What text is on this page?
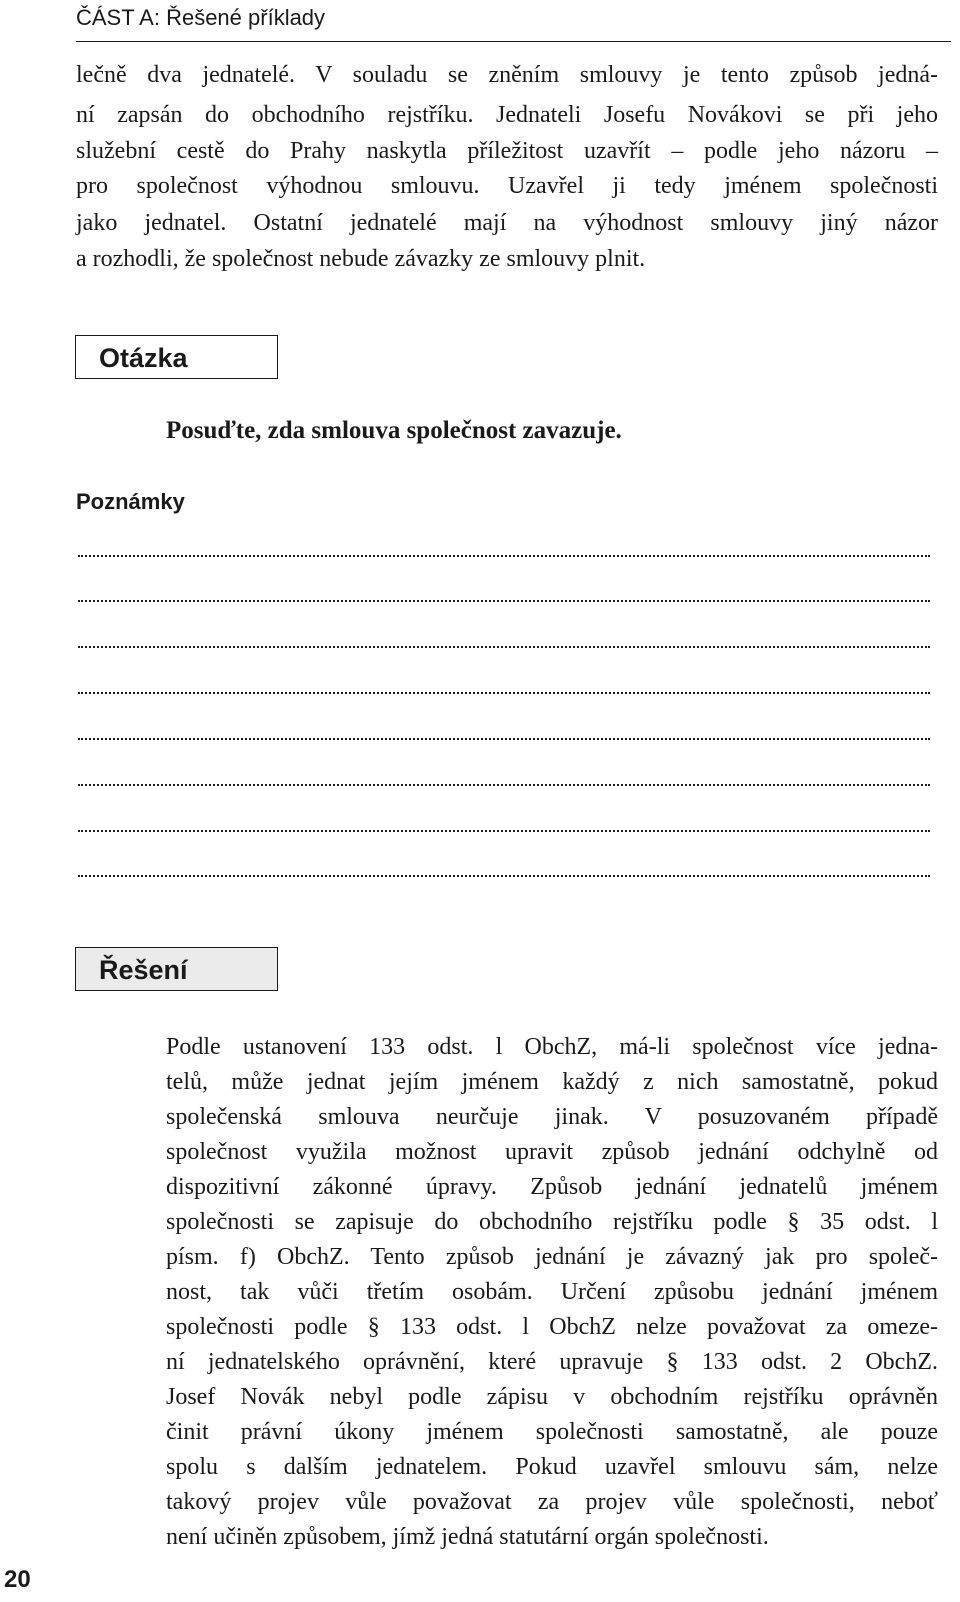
ČÁST A: Řešené příklady
lečně dva jednatelé. V souladu se zněním smlouvy je tento způsob jedná-
ní zapsán do obchodního rejstříku. Jednateli Josefu Novákovi se při jeho
služební cestě do Prahy naskytla příležitost uzavřít – podle jeho názoru –
pro společnost výhodnou smlouvu. Uzavřel ji tedy jménem společnosti
jako jednatel. Ostatní jednatelé mají na výhodnost smlouvy jiný názor
a rozhodli, že společnost nebude závazky ze smlouvy plnit.
Otázka
Posuďte, zda smlouva společnost zavazuje.
Poznámky
Řešení
Podle ustanovení 133 odst. l ObchZ, má-li společnost více jedna-
telů, může jednat jejím jménem každý z nich samostatně, pokud
společenská smlouva neurčuje jinak. V posuzovaném případě
společnost využila možnost upravit způsob jednání odchylně od
dispozitivní zákonné úpravy. Způsob jednání jednatelů jménem
společnosti se zapisuje do obchodního rejstříku podle § 35 odst. l
písm. f) ObchZ. Tento způsob jednání je závazný jak pro společ-
nost, tak vůči třetím osobám. Určení způsobu jednání jménem
společnosti podle § 133 odst. l ObchZ nelze považovat za omeze-
ní jednatelského oprávnění, které upravuje § 133 odst. 2 ObchZ.
Josef Novák nebyl podle zápisu v obchodním rejstříku oprávněn
činit právní úkony jménem společnosti samostatně, ale pouze
spolu s dalším jednatelem. Pokud uzavřel smlouvu sám, nelze
takový projev vůle považovat za projev vůle společnosti, neboť
není učiněn způsobem, jímž jedná statutární orgán společnosti.
20
